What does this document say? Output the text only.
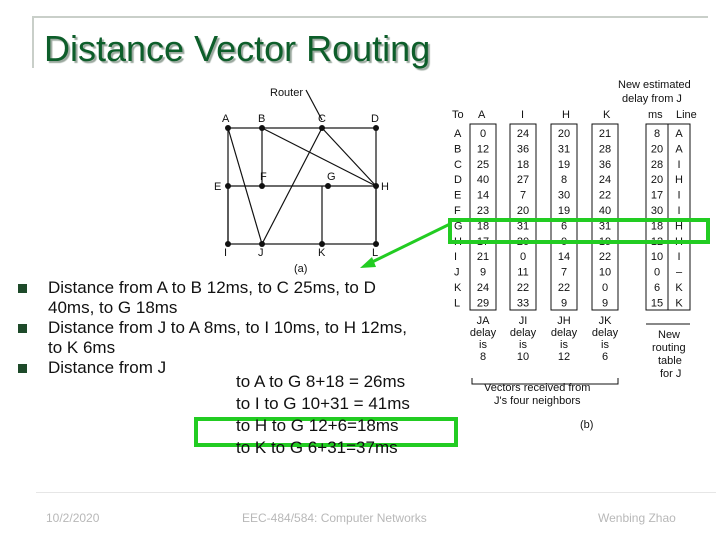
Distance Vector Routing
Router
A	B	C	D
E
F	G
H
I	J	K	L
(a)
To A	I	H	K
New estimated
delay from J
ms Line
A 0	24	20	21	8 A
B 12	36	31	28	20 A
C 25	18	19	36	28 I
D 40	27	8	24	20 H
E 14	7	30	22	17 I
F 23	20	19	40	30 I
G 18	31	6	31	18 H
H 17	20	0	19	12 H
I 21	0	14	22	10 I
J 9	11	7	10	0 –
K 24	22	22	0	6 K
L 29	33	9	9	15 K
JA
delay
is
8
JI
delay
is
10
JH
delay
is
12
JK
delay
is
6
New
routing
table
for J
Vectors received from
J's four neighbors
(b)
Distance from A to B 12ms, to C 25ms, to D
40ms, to G 18ms
Distance from J to A 8ms, to I 10ms, to H 12ms,
to K 6ms
Distance from J
to A to G 8+18 = 26ms
to I to G 10+31 = 41ms
to H to G 12+6=18ms
to K to G 6+31=37ms
10/2/2020	EEC-484/584: Computer Networks	Wenbing Zhao
